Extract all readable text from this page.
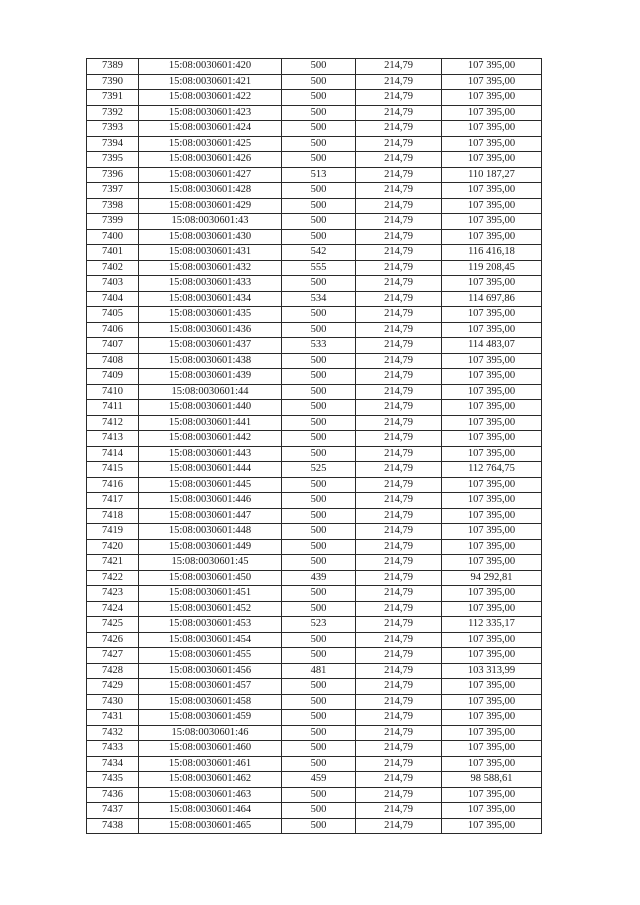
7389	15:08:0030601:420	500	214,79	107 395,00
7390	15:08:0030601:421	500	214,79	107 395,00
7391	15:08:0030601:422	500	214,79	107 395,00
7392	15:08:0030601:423	500	214,79	107 395,00
7393	15:08:0030601:424	500	214,79	107 395,00
7394	15:08:0030601:425	500	214,79	107 395,00
7395	15:08:0030601:426	500	214,79	107 395,00
7396	15:08:0030601:427	513	214,79	110 187,27
7397	15:08:0030601:428	500	214,79	107 395,00
7398	15:08:0030601:429	500	214,79	107 395,00
7399	15:08:0030601:43	500	214,79	107 395,00
7400	15:08:0030601:430	500	214,79	107 395,00
7401	15:08:0030601:431	542	214,79	116 416,18
7402	15:08:0030601:432	555	214,79	119 208,45
7403	15:08:0030601:433	500	214,79	107 395,00
7404	15:08:0030601:434	534	214,79	114 697,86
7405	15:08:0030601:435	500	214,79	107 395,00
7406	15:08:0030601:436	500	214,79	107 395,00
7407	15:08:0030601:437	533	214,79	114 483,07
7408	15:08:0030601:438	500	214,79	107 395,00
7409	15:08:0030601:439	500	214,79	107 395,00
7410	15:08:0030601:44	500	214,79	107 395,00
7411	15:08:0030601:440	500	214,79	107 395,00
7412	15:08:0030601:441	500	214,79	107 395,00
7413	15:08:0030601:442	500	214,79	107 395,00
7414	15:08:0030601:443	500	214,79	107 395,00
7415	15:08:0030601:444	525	214,79	112 764,75
7416	15:08:0030601:445	500	214,79	107 395,00
7417	15:08:0030601:446	500	214,79	107 395,00
7418	15:08:0030601:447	500	214,79	107 395,00
7419	15:08:0030601:448	500	214,79	107 395,00
7420	15:08:0030601:449	500	214,79	107 395,00
7421	15:08:0030601:45	500	214,79	107 395,00
7422	15:08:0030601:450	439	214,79	94 292,81
7423	15:08:0030601:451	500	214,79	107 395,00
7424	15:08:0030601:452	500	214,79	107 395,00
7425	15:08:0030601:453	523	214,79	112 335,17
7426	15:08:0030601:454	500	214,79	107 395,00
7427	15:08:0030601:455	500	214,79	107 395,00
7428	15:08:0030601:456	481	214,79	103 313,99
7429	15:08:0030601:457	500	214,79	107 395,00
7430	15:08:0030601:458	500	214,79	107 395,00
7431	15:08:0030601:459	500	214,79	107 395,00
7432	15:08:0030601:46	500	214,79	107 395,00
7433	15:08:0030601:460	500	214,79	107 395,00
7434	15:08:0030601:461	500	214,79	107 395,00
7435	15:08:0030601:462	459	214,79	98 588,61
7436	15:08:0030601:463	500	214,79	107 395,00
7437	15:08:0030601:464	500	214,79	107 395,00
7438	15:08:0030601:465	500	214,79	107 395,00
